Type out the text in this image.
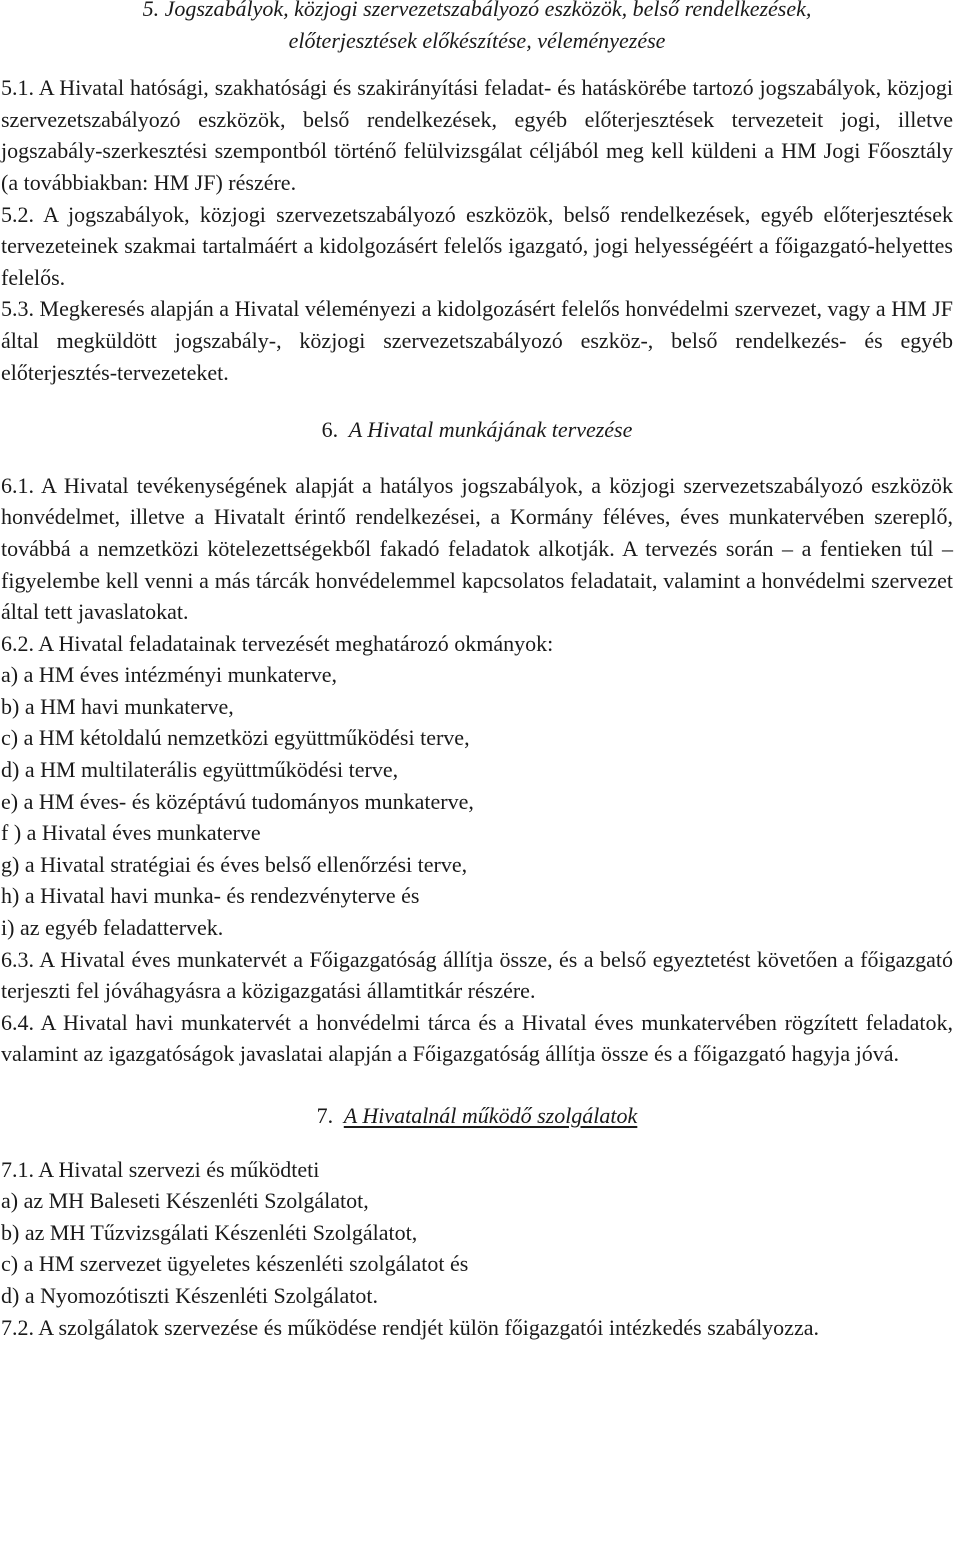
5. Jogszabályok, közjogi szervezetszabályozó eszközök, belső rendelkezések,
előterjesztések előkészítése, véleményezése

5.1. A Hivatal hatósági, szakhatósági és szakirányítási feladat- és hatáskörébe tartozó jogszabályok, közjogi szervezetszabályozó eszközök, belső rendelkezések, egyéb előterjesztések tervezeteit jogi, illetve jogszabály-szerkesztési szempontból történő felülvizsgálat céljából meg kell küldeni a HM Jogi Főosztály (a továbbiakban: HM JF) részére.

5.2. A jogszabályok, közjogi szervezetszabályozó eszközök, belső rendelkezések, egyéb előterjesztések tervezeteinek szakmai tartalmáért a kidolgozásért felelős igazgató, jogi helyességéért a főigazgató-helyettes felelős.

5.3. Megkeresés alapján a Hivatal véleményezi a kidolgozásért felelős honvédelmi szervezet, vagy a HM JF által megküldött jogszabály-, közjogi szervezetszabályozó eszköz-, belső rendelkezés- és egyéb előterjesztés-tervezeteket.

6. A Hivatal munkájának tervezése

6.1. A Hivatal tevékenységének alapját a hatályos jogszabályok, a közjogi szervezetszabályozó eszközök honvédelmet, illetve a Hivatalt érintő rendelkezései, a Kormány féléves, éves munkatervében szereplő, továbbá a nemzetközi kötelezettségekből fakadó feladatok alkotják. A tervezés során – a fentieken túl – figyelembe kell venni a más tárcák honvédelemmel kapcsolatos feladatait, valamint a honvédelmi szervezet által tett javaslatokat.

6.2. A Hivatal feladatainak tervezését meghatározó okmányok:
a) a HM éves intézményi munkaterve,
b) a HM havi munkaterve,
c) a HM kétoldalú nemzetközi együttműködési terve,
d) a HM multilaterális együttműködési terve,
e) a HM éves- és középtávú tudományos munkaterve,
f ) a Hivatal éves munkaterve
g) a Hivatal stratégiai és éves belső ellenőrzési terve,
h) a Hivatal havi munka- és rendezvényterve és
i) az egyéb feladattervek.

6.3. A Hivatal éves munkatervét a Főigazgatóság állítja össze, és a belső egyeztetést követően a főigazgató terjeszti fel jóváhagyásra a közigazgatási államtitkár részére.

6.4. A Hivatal havi munkatervét a honvédelmi tárca és a Hivatal éves munkatervében rögzített feladatok, valamint az igazgatóságok javaslatai alapján a Főigazgatóság állítja össze és a főigazgató hagyja jóvá.

7. A Hivatalnál működő szolgálatok
7.1. A Hivatal szervezi és működteti
a) az MH Baleseti Készenléti Szolgálatot,
b) az MH Tűzvizsgálati Készenléti Szolgálatot,
c) a HM szervezet ügyeletes készenléti szolgálatot és
d) a Nyomozótiszti Készenléti Szolgálatot.

7.2. A szolgálatok szervezése és működése rendjét külön főigazgatói intézkedés szabályozza.
